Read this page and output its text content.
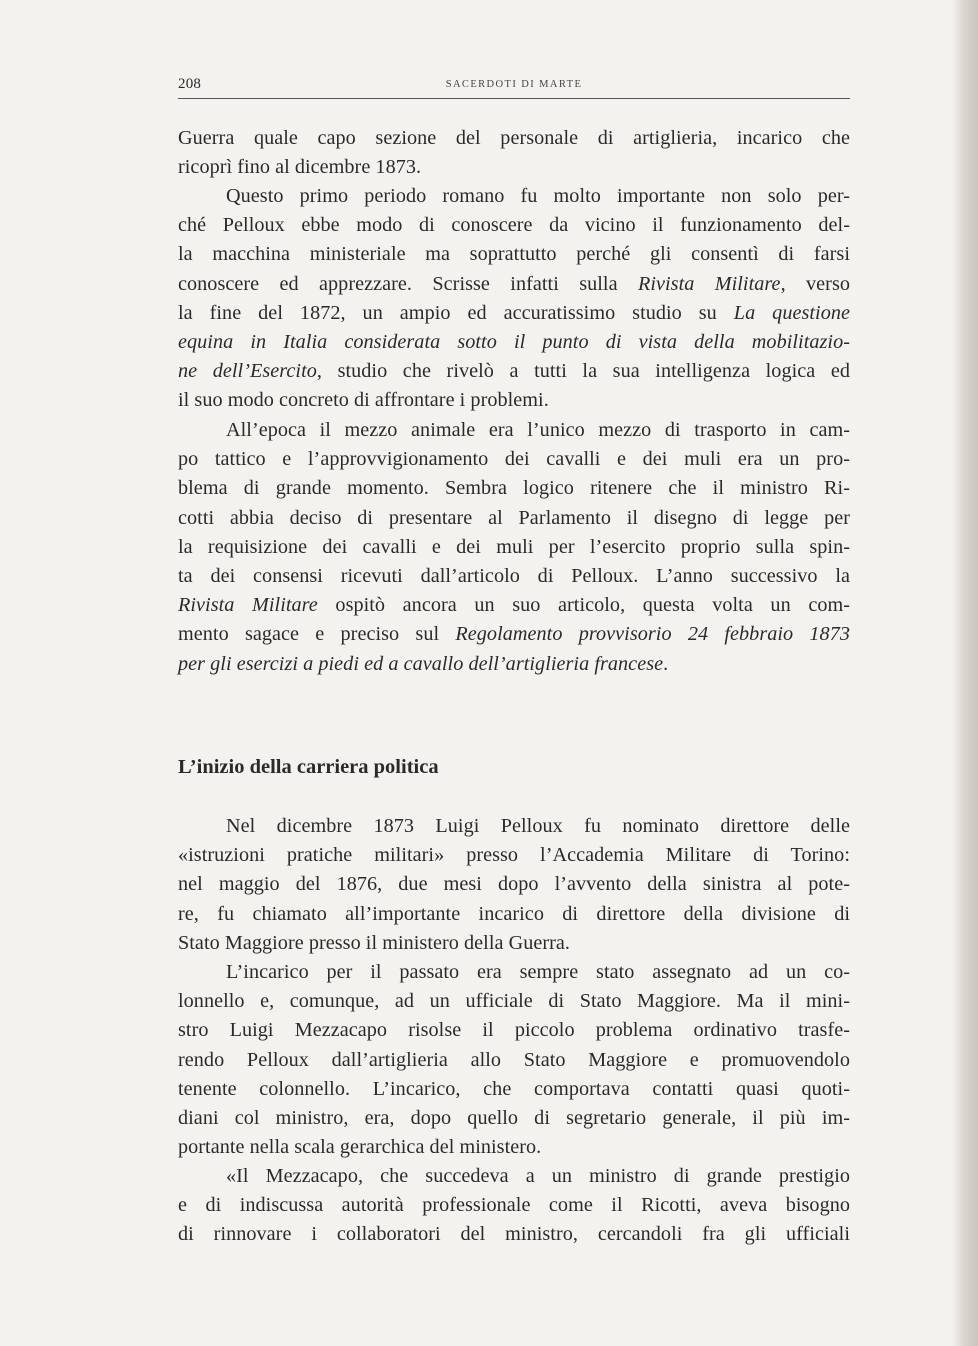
208	SACERDOTI DI MARTE
Guerra quale capo sezione del personale di artiglieria, incarico che
ricoprì fino al dicembre 1873.
Questo primo periodo romano fu molto importante non solo per-
ché Pelloux ebbe modo di conoscere da vicino il funzionamento del-
la macchina ministeriale ma soprattutto perché gli consentì di farsi
conoscere ed apprezzare. Scrisse infatti sulla Rivista Militare, verso
la fine del 1872, un ampio ed accuratissimo studio su La questione
equina in Italia considerata sotto il punto di vista della mobilitazio-
ne dell’Esercito, studio che rivelò a tutti la sua intelligenza logica ed
il suo modo concreto di affrontare i problemi.
All’epoca il mezzo animale era l’unico mezzo di trasporto in cam-
po tattico e l’approvvigionamento dei cavalli e dei muli era un pro-
blema di grande momento. Sembra logico ritenere che il ministro Ri-
cotti abbia deciso di presentare al Parlamento il disegno di legge per
la requisizione dei cavalli e dei muli per l’esercito proprio sulla spin-
ta dei consensi ricevuti dall’articolo di Pelloux. L’anno successivo la
Rivista Militare ospitò ancora un suo articolo, questa volta un com-
mento sagace e preciso sul Regolamento provvisorio 24 febbraio 1873
per gli esercizi a piedi ed a cavallo dell’artiglieria francese.
L’inizio della carriera politica
Nel dicembre 1873 Luigi Pelloux fu nominato direttore delle
«istruzioni pratiche militari» presso l’Accademia Militare di Torino:
nel maggio del 1876, due mesi dopo l’avvento della sinistra al pote-
re, fu chiamato all’importante incarico di direttore della divisione di
Stato Maggiore presso il ministero della Guerra.
L’incarico per il passato era sempre stato assegnato ad un co-
lonnello e, comunque, ad un ufficiale di Stato Maggiore. Ma il mini-
stro Luigi Mezzacapo risolse il piccolo problema ordinativo trasfe-
rendo Pelloux dall’artiglieria allo Stato Maggiore e promuovendolo
tenente colonnello. L’incarico, che comportava contatti quasi quoti-
diani col ministro, era, dopo quello di segretario generale, il più im-
portante nella scala gerarchica del ministero.
«Il Mezzacapo, che succedeva a un ministro di grande prestigio
e di indiscussa autorità professionale come il Ricotti, aveva bisogno
di rinnovare i collaboratori del ministro, cercandoli fra gli ufficiali
